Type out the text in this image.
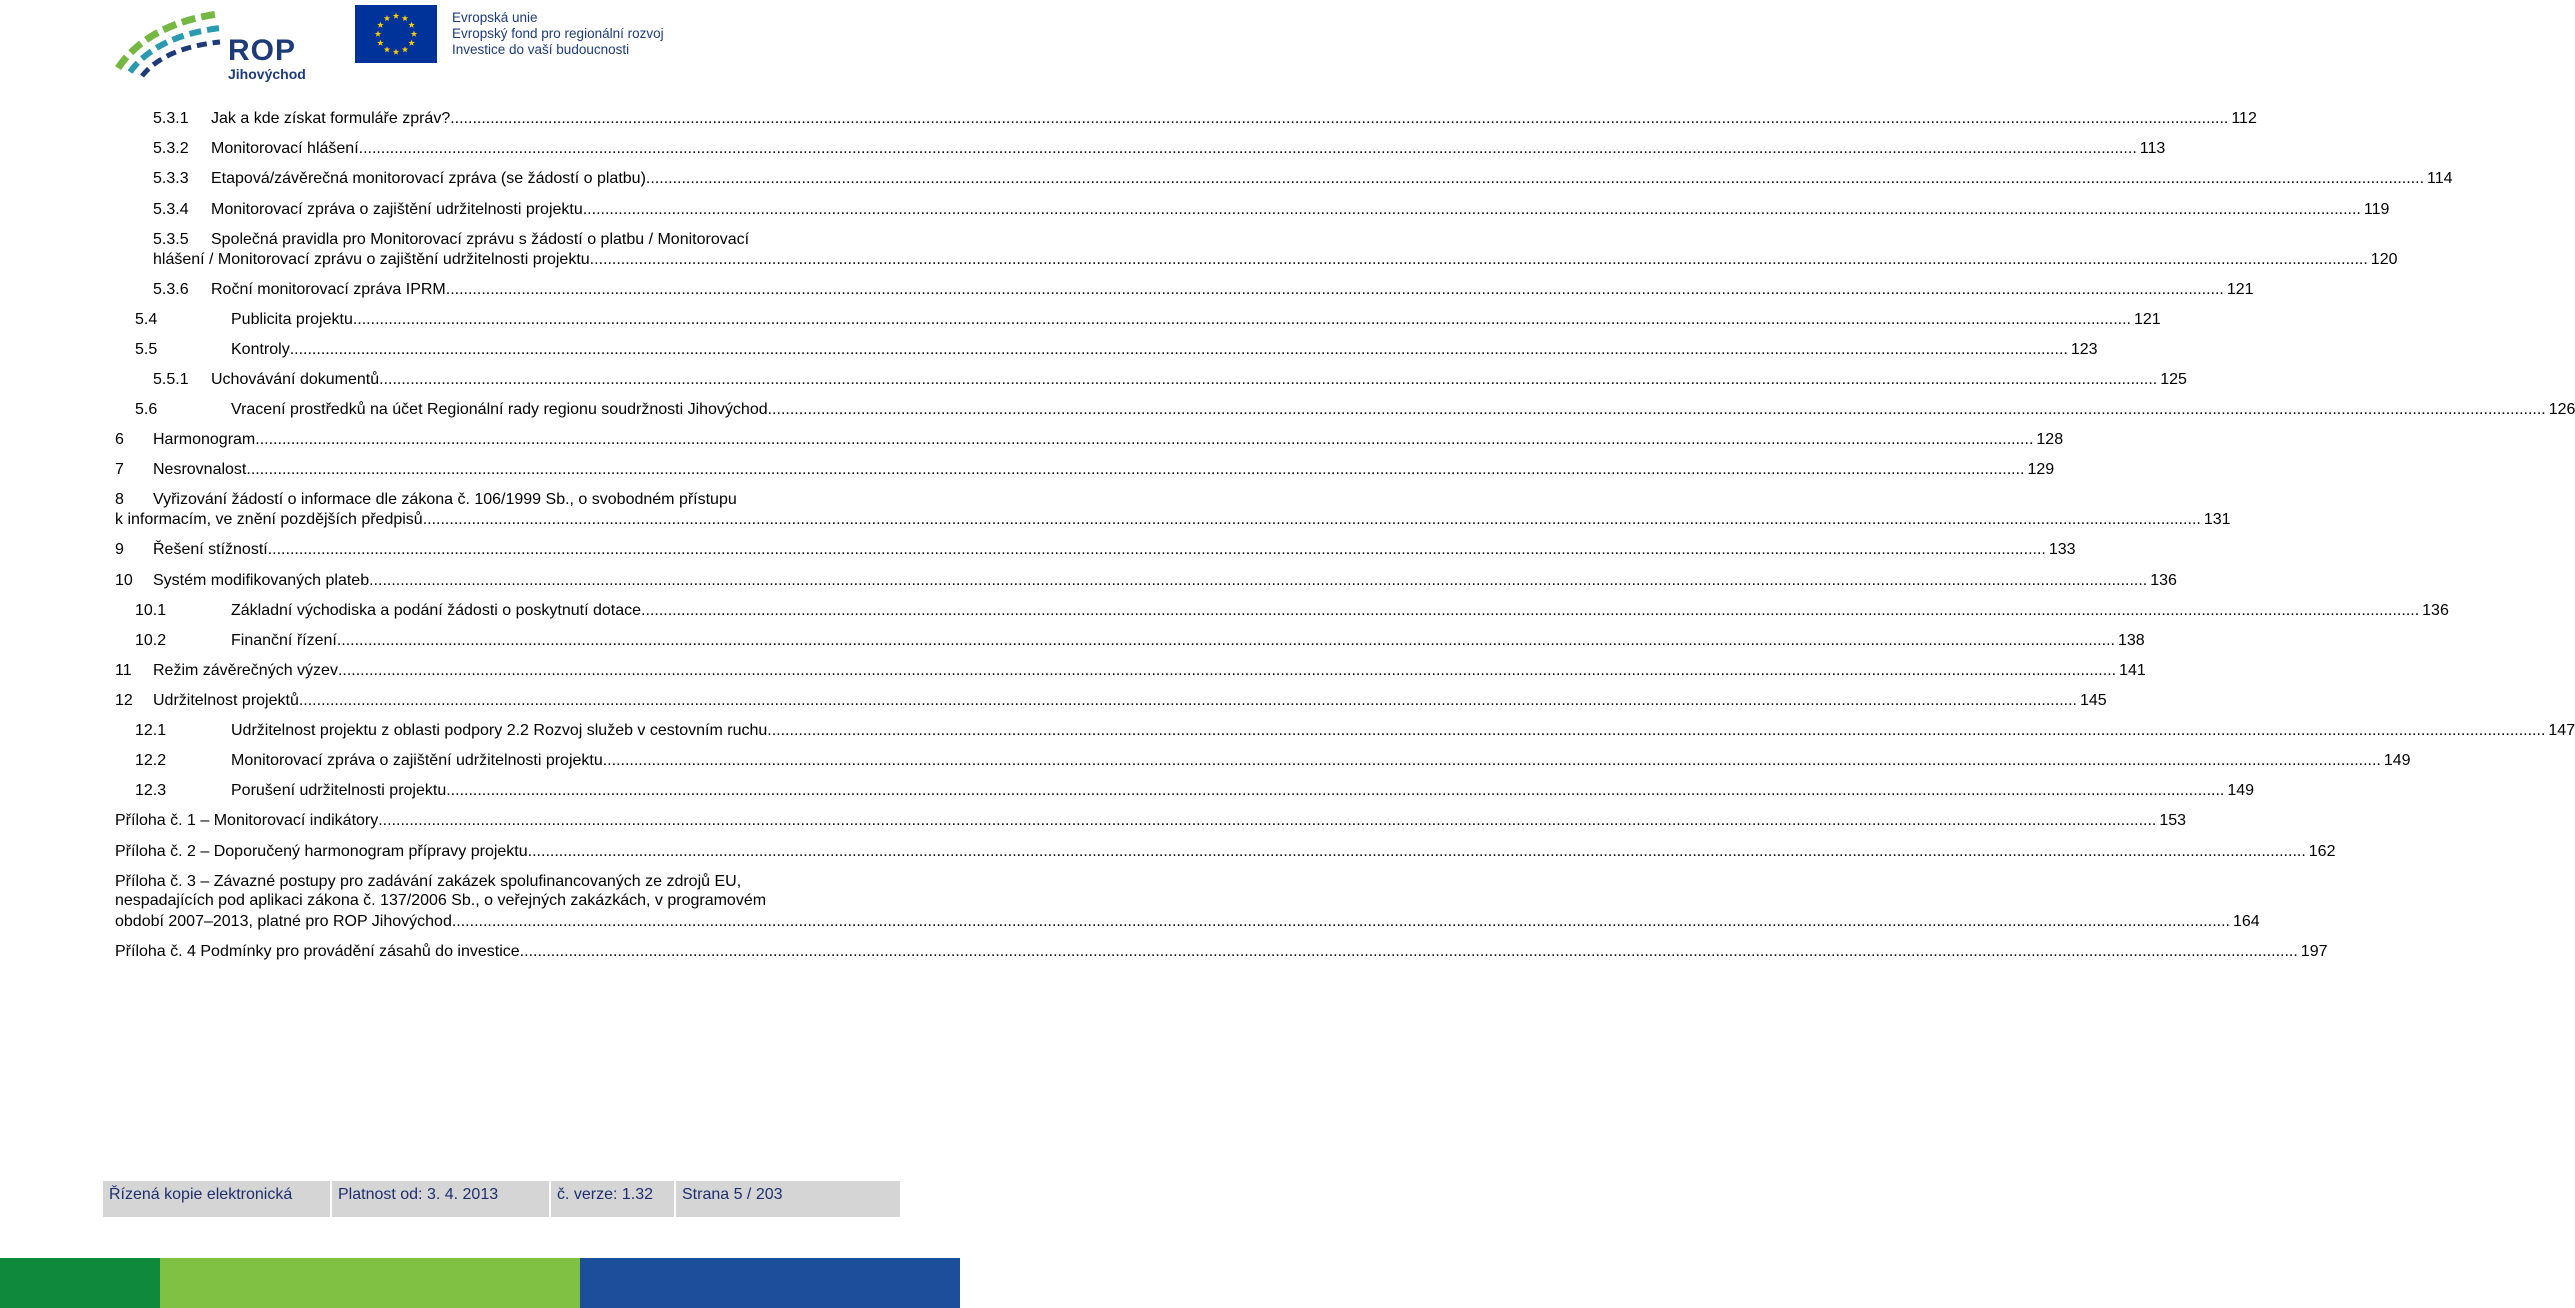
ROP
Jihovýchod
Evropská unie
Evropský fond pro regionální rozvoj
Investice do vaší budoucnosti
5.3.1 Jak a kde získat formuláře zpráv? ................................................................................................................................................................................................................................................................................................................................................................................................................ 112
5.3.2 Monitorovací hlášení ................................................................................................................................................................................................................................................................................................................................................................................................................ 113
5.3.3 Etapová/závěrečná monitorovací zpráva (se žádostí o platbu) ................................................................................................................................................................................................................................................................................................................................................................................................................ 114
5.3.4 Monitorovací zpráva o zajištění udržitelnosti projektu ................................................................................................................................................................................................................................................................................................................................................................................................................ 119
5.3.5 Společná pravidla pro Monitorovací zprávu s žádostí o platbu / Monitorovací
hlášení / Monitorovací zprávu o zajištění udržitelnosti projektu ................................................................................................................................................................................................................................................................................................................................................................................................................ 120
5.3.6 Roční monitorovací zpráva IPRM ................................................................................................................................................................................................................................................................................................................................................................................................................ 121
5.4	Publicita projektu ................................................................................................................................................................................................................................................................................................................................................................................................................ 121
5.5	Kontroly ................................................................................................................................................................................................................................................................................................................................................................................................................ 123
5.5.1 Uchovávání dokumentů ................................................................................................................................................................................................................................................................................................................................................................................................................ 125
5.6	Vracení prostředků na účet Regionální rady regionu soudržnosti Jihovýchod ................................................................................................................................................................................................................................................................................................................................................................................................................ 126
6 Harmonogram ................................................................................................................................................................................................................................................................................................................................................................................................................ 128
7 Nesrovnalost ................................................................................................................................................................................................................................................................................................................................................................................................................ 129
8 Vyřizování žádostí o informace dle zákona č. 106/1999 Sb., o svobodném přístupu
k informacím, ve znění pozdějších předpisů ................................................................................................................................................................................................................................................................................................................................................................................................................ 131
9 Řešení stížností ................................................................................................................................................................................................................................................................................................................................................................................................................ 133
10 Systém modifikovaných plateb ................................................................................................................................................................................................................................................................................................................................................................................................................ 136
10.1	Základní východiska a podání žádosti o poskytnutí dotace ................................................................................................................................................................................................................................................................................................................................................................................................................ 136
10.2	Finanční řízení ................................................................................................................................................................................................................................................................................................................................................................................................................ 138
11 Režim závěrečných výzev ................................................................................................................................................................................................................................................................................................................................................................................................................ 141
12 Udržitelnost projektů ................................................................................................................................................................................................................................................................................................................................................................................................................ 145
12.1	Udržitelnost projektu z oblasti podpory 2.2 Rozvoj služeb v cestovním ruchu ................................................................................................................................................................................................................................................................................................................................................................................................................ 147
12.2	Monitorovací zpráva o zajištění udržitelnosti projektu ................................................................................................................................................................................................................................................................................................................................................................................................................ 149
12.3	Porušení udržitelnosti projektu ................................................................................................................................................................................................................................................................................................................................................................................................................ 149
Příloha č. 1 – Monitorovací indikátory ................................................................................................................................................................................................................................................................................................................................................................................................................ 153
Příloha č. 2 – Doporučený harmonogram přípravy projektu ................................................................................................................................................................................................................................................................................................................................................................................................................ 162
Příloha č. 3 – Závazné postupy pro zadávání zakázek spolufinancovaných ze zdrojů EU,
nespadajících pod aplikaci zákona č. 137/2006 Sb., o veřejných zakázkách, v programovém
období 2007–2013, platné pro ROP Jihovýchod ................................................................................................................................................................................................................................................................................................................................................................................................................ 164
Příloha č. 4 Podmínky pro provádění zásahů do investice ................................................................................................................................................................................................................................................................................................................................................................................................................ 197
Řízená kopie elektronická	Platnost od: 3. 4. 2013	č. verze: 1.32	Strana 5 / 203
